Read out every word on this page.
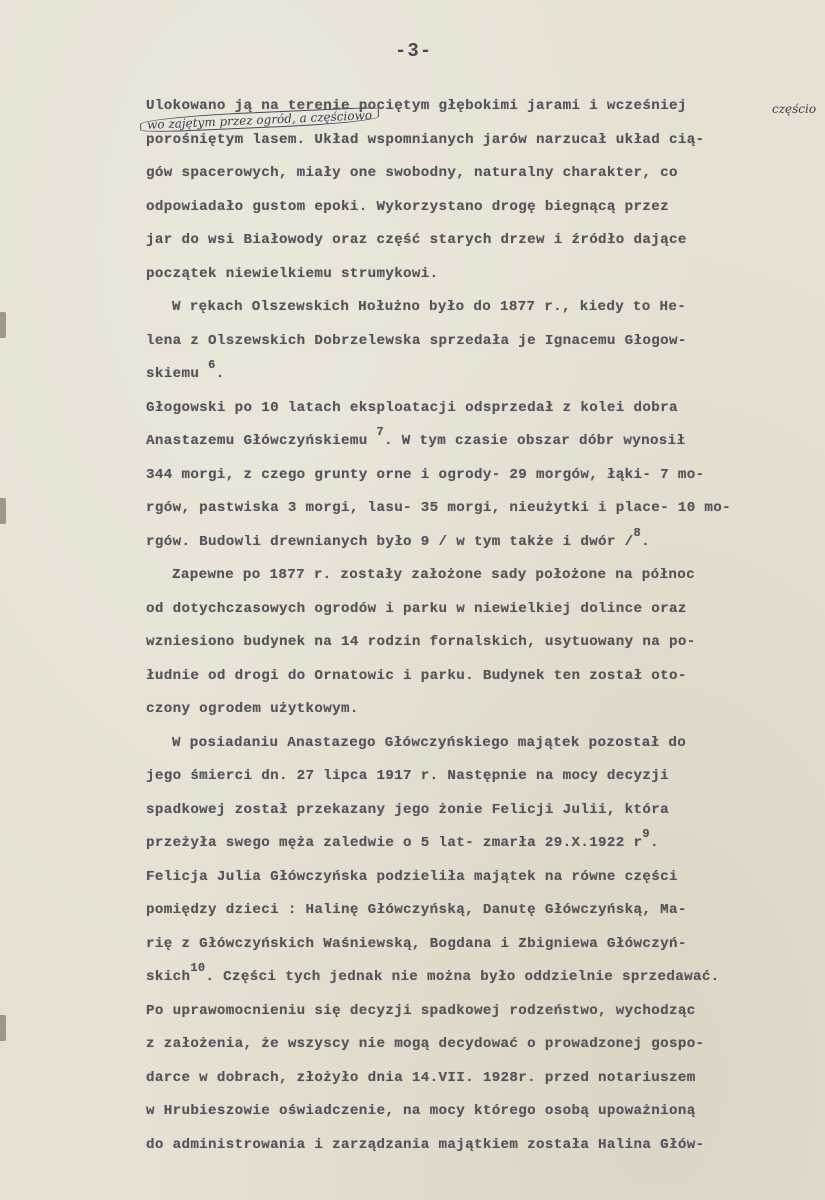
-3-
częścio
wo zajętym przez ogród, a częściowo
Ulokowano ją na terenie pociętym głębokimi jarami i wcześniej
porośniętym lasem. Układ wspomnianych jarów narzucał układ cią-
gów spacerowych, miały one swobodny, naturalny charakter, co
odpowiadało gustom epoki. Wykorzystano drogę biegnącą przez
jar do wsi Białowody oraz część starych drzew i źródło dające
początek niewielkiemu strumykowi.
W rękach Olszewskich Hołużno było do 1877 r., kiedy to He-
lena z Olszewskich Dobrzelewska sprzedała je Ignacemu Głogow-
skiemu $^6$.
Głogowski po 10 latach eksploatacji odsprzedał z kolei dobra
Anastazemu Główczyńskiemu $^7$. W tym czasie obszar dóbr wynosił
344 morgi, z czego grunty orne i ogrody- 29 morgów, łąki- 7 mo-
rgów, pastwiska 3 morgi, lasu- 35 morgi, nieużytki i place- 10 mo-
rgów. Budowli drewnianych było 9 / w tym także i dwór /$^8$.
Zapewne po 1877 r. zostały założone sady położone na północ
od dotychczasowych ogrodów i parku w niewielkiej dolince oraz
wzniesiono budynek na 14 rodzin fornalskich, usytuowany na po-
łudnie od drogi do Ornatowic i parku. Budynek ten został oto-
czony ogrodem użytkowym.
W posiadaniu Anastazego Główczyńskiego majątek pozostał do
jego śmierci dn. 27 lipca 1917 r. Następnie na mocy decyzji
spadkowej został przekazany jego żonie Felicji Julii, która
przeżyła swego męża zaledwie o 5 lat- zmarła 29.X.1922 $r^9$.
Felicja Julia Główczyńska podzieliła majątek na równe części
pomiędzy dzieci : Halinę Główczyńską, Danutę Główczyńską, Ma-
rię z Główczyńskich Waśniewską, Bogdana i Zbigniewa Główczyń-
skich$^{10}$. Części tych jednak nie można było oddzielnie sprzedawać.
Po uprawomocnieniu się decyzji spadkowej rodzeństwo, wychodząc
z założenia, że wszyscy nie mogą decydować o prowadzonej gospo-
darce w dobrach, złożyło dnia 14.VII. 1928r. przed notariuszem
w Hrubieszowie oświadczenie, na mocy którego osobą upoważnioną
do administrowania i zarządzania majątkiem została Halina Głów-
